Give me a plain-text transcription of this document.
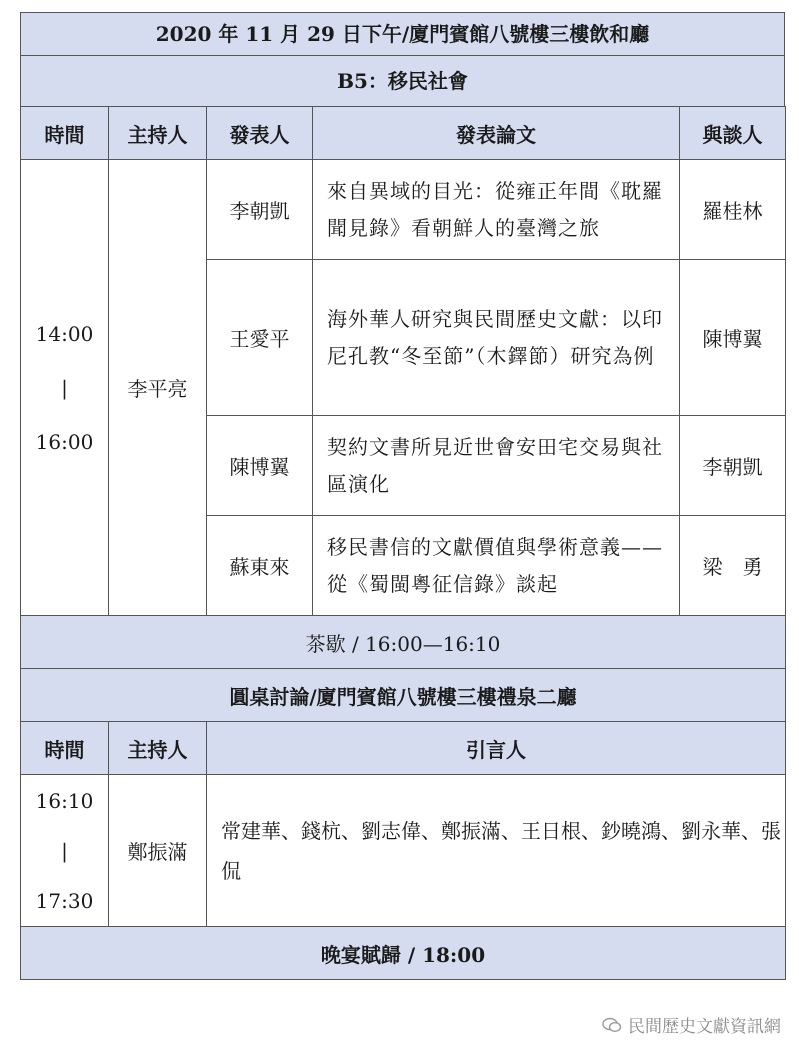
2020 年 11 月 29 日下午/廈門賓館八號樓三樓飲和廳
B5：移民社會
時間	主持人	發表人	發表論文	與談人

14:00
|
16:00	李平亮	李朝凱	來自異域的目光：從雍正年間《耽羅聞見錄》看朝鮮人的臺灣之旅	羅桂林
		王愛平	海外華人研究與民間歷史文獻：以印尼孔教“冬至節”（木鐸節）研究為例	陳博翼
		陳博翼	契約文書所見近世會安田宅交易與社區演化	李朝凱
		蘇東來	移民書信的文獻價值與學術意義——從《蜀閩粵征信錄》談起	梁　勇
茶歇 / 16:00—16:10				
圓桌討論/廈門賓館八號樓三樓禮泉二廳				
時間	主持人	引言人

16:10
|
17:30	鄭振滿	常建華、錢杭、劉志偉、鄭振滿、王日根、鈔曉鴻、劉永華、張侃
晚宴賦歸 / 18:00		
民間歷史文獻資訊網
